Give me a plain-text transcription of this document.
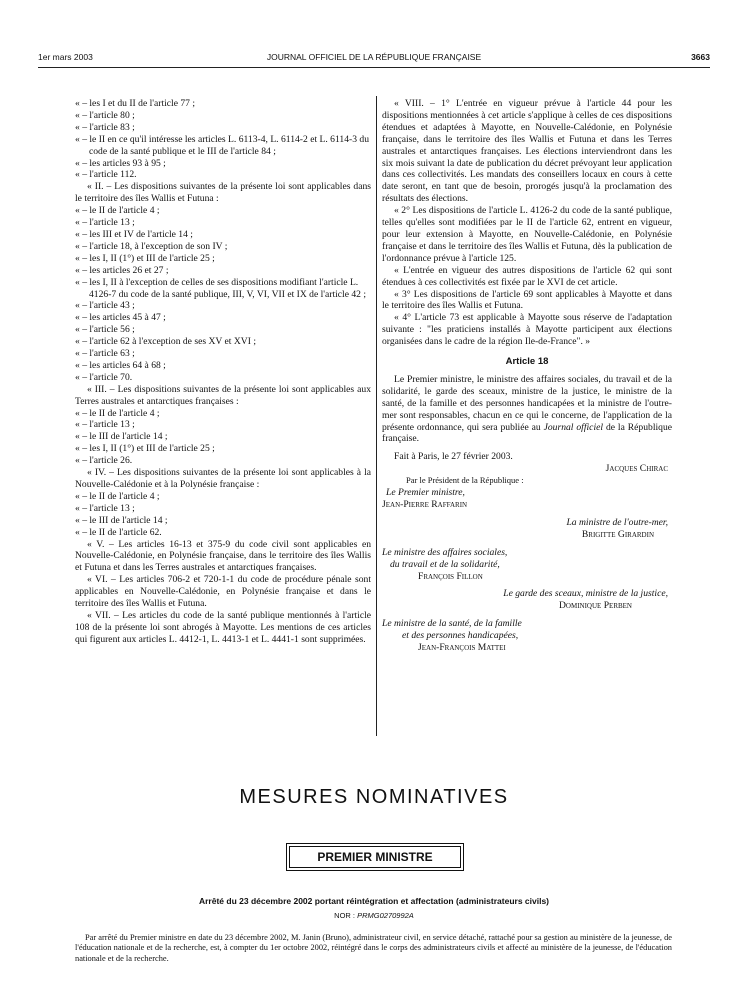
1er mars 2003	JOURNAL OFFICIEL DE LA RÉPUBLIQUE FRANÇAISE	3663

« – les I et du II de l'article 77 ;

« – l'article 80 ;

« – l'article 83 ;

« – le II en ce qu'il intéresse les articles L. 6113-4, L. 6114-2 et L. 6114-3 du code de la santé publique et le III de l'article 84 ;

« – les articles 93 à 95 ;

« – l'article 112.

« II. – Les dispositions suivantes de la présente loi sont applicables dans le territoire des îles Wallis et Futuna :

« – le II de l'article 4 ;

« – l'article 13 ;

« – les III et IV de l'article 14 ;

« – l'article 18, à l'exception de son IV ;

« – les I, II (1°) et III de l'article 25 ;

« – les articles 26 et 27 ;

« – les I, II à l'exception de celles de ses dispositions modifiant l'article L. 4126-7 du code de la santé publique, III, V, VI, VII et IX de l'article 42 ;

« – l'article 43 ;

« – les articles 45 à 47 ;

« – l'article 56 ;

« – l'article 62 à l'exception de ses XV et XVI ;

« – l'article 63 ;

« – les articles 64 à 68 ;

« – l'article 70.

« III. – Les dispositions suivantes de la présente loi sont applicables aux Terres australes et antarctiques françaises :

« – le II de l'article 4 ;

« – l'article 13 ;

« – le III de l'article 14 ;

« – les I, II (1°) et III de l'article 25 ;

« – l'article 26.

« IV. – Les dispositions suivantes de la présente loi sont applicables à la Nouvelle-Calédonie et à la Polynésie française :

« – le II de l'article 4 ;

« – l'article 13 ;

« – le III de l'article 14 ;

« – le II de l'article 62.

« V. – Les articles 16-13 et 375-9 du code civil sont applicables en Nouvelle-Calédonie, en Polynésie française, dans le territoire des îles Wallis et Futuna et dans les Terres australes et antarctiques françaises.

« VI. – Les articles 706-2 et 720-1-1 du code de procédure pénale sont applicables en Nouvelle-Calédonie, en Polynésie française et dans le territoire des îles Wallis et Futuna.

« VII. – Les articles du code de la santé publique mentionnés à l'article 108 de la présente loi sont abrogés à Mayotte. Les mentions de ces articles qui figurent aux articles L. 4412-1, L. 4413-1 et L. 4441-1 sont supprimées.

« VIII. – 1° L'entrée en vigueur prévue à l'article 44 pour les dispositions mentionnées à cet article s'applique à celles de ces dispositions étendues et adaptées à Mayotte, en Nouvelle-Calédonie, en Polynésie française, dans le territoire des îles Wallis et Futuna et dans les Terres australes et antarctiques françaises. Les élections interviendront dans les six mois suivant la date de publication du décret prévoyant leur application dans ces collectivités. Les mandats des conseillers locaux en cours à cette date seront, en tant que de besoin, prorogés jusqu'à la proclamation des résultats des élections.

« 2° Les dispositions de l'article L. 4126-2 du code de la santé publique, telles qu'elles sont modifiées par le II de l'article 62, entrent en vigueur, pour leur extension à Mayotte, en Nouvelle-Calédonie, en Polynésie française et dans le territoire des îles Wallis et Futuna, dès la publication de l'ordonnance prévue à l'article 125.

« L'entrée en vigueur des autres dispositions de l'article 62 qui sont étendues à ces collectivités est fixée par le XVI de cet article.

« 3° Les dispositions de l'article 69 sont applicables à Mayotte et dans le territoire des îles Wallis et Futuna.

« 4° L'article 73 est applicable à Mayotte sous réserve de l'adaptation suivante : "les praticiens installés à Mayotte participent aux élections organisées dans le cadre de la région Ile-de-France". »

Article 18

Le Premier ministre, le ministre des affaires sociales, du travail et de la solidarité, le garde des sceaux, ministre de la justice, le ministre de la santé, de la famille et des personnes handicapées et la ministre de l'outre-mer sont responsables, chacun en ce qui le concerne, de l'application de la présente ordonnance, qui sera publiée au Journal officiel de la République française.

Fait à Paris, le 27 février 2003.

Jacques Chirac

Par le Président de la République :

Le Premier ministre,

Jean-Pierre Raffarin

La ministre de l'outre-mer,

Brigitte Girardin

Le ministre des affaires sociales,

du travail et de la solidarité,

François Fillon

Le garde des sceaux, ministre de la justice,

Dominique Perben

Le ministre de la santé, de la famille

et des personnes handicapées,

Jean-François Mattei

MESURES NOMINATIVES
PREMIER MINISTRE
Arrêté du 23 décembre 2002 portant réintégration et affectation (administrateurs civils)
NOR : PRMG0270992A

Par arrêté du Premier ministre en date du 23 décembre 2002, M. Janin (Bruno), administrateur civil, en service détaché, rattaché pour sa gestion au ministère de la jeunesse, de l'éducation nationale et de la recherche, est, à compter du 1er octobre 2002, réintégré dans le corps des administrateurs civils et affecté au ministère de la jeunesse, de l'éducation nationale et de la recherche.
